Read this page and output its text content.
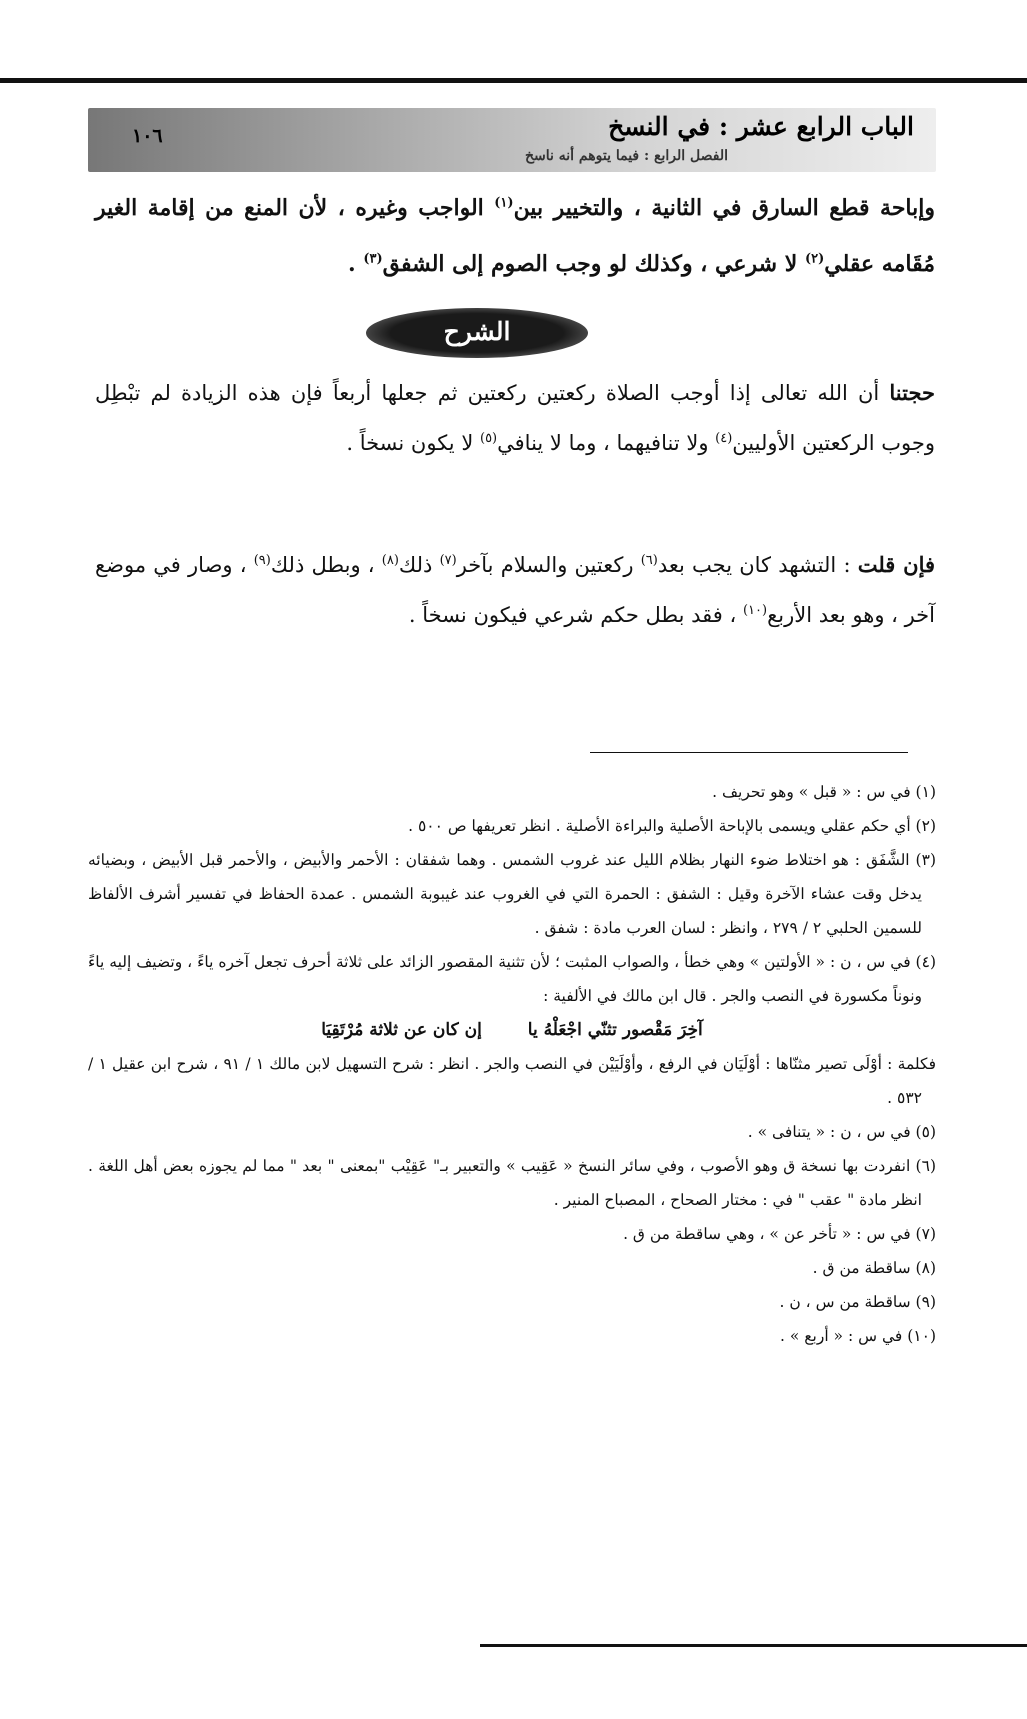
الباب الرابع عشر : في النسخ
الفصل الرابع : فيما يتوهم أنه ناسخ
١٠٦
وإباحة قطع السارق في الثانية ، والتخيير بين$^{(١)}$ الواجب وغيره ، لأن المنع من إقامة الغير مُقَامه عقلي$^{(٢)}$ لا شرعي ، وكذلك لو وجب الصوم إلى الشفق$^{(٣)}$ .
الشرح
حجتنا أن الله تعالى إذا أوجب الصلاة ركعتين ركعتين ثم جعلها أربعاً فإن هذه الزيادة لم تبْطِل وجوب الركعتين الأوليين$^{(٤)}$ ولا تنافيهما ، وما لا ينافي$^{(٥)}$ لا يكون نسخاً .
فإن قلت : التشهد كان يجب بعد$^{(٦)}$ ركعتين والسلام بآخر$^{(٧)}$ ذلك$^{(٨)}$ ، وبطل ذلك$^{(٩)}$ ، وصار في موضع آخر ، وهو بعد الأربع$^{(١٠)}$ ، فقد بطل حكم شرعي فيكون نسخاً .

(١) في س : « قبل » وهو تحريف .

(٢) أي حكم عقلي ويسمى بالإباحة الأصلية والبراءة الأصلية . انظر تعريفها ص ٥٠٠ .

(٣) الشَّفَق : هو اختلاط ضوء النهار بظلام الليل عند غروب الشمس . وهما شفقان : الأحمر والأبيض ، والأحمر قبل الأبيض ، وبضيائه يدخل وقت عشاء الآخرة وقيل : الشفق : الحمرة التي في الغروب عند غيبوبة الشمس . عمدة الحفاظ في تفسير أشرف الألفاظ للسمين الحلبي ٢ / ٢٧٩ ، وانظر : لسان العرب مادة : شفق .

(٤) في س ، ن : « الأولتين » وهي خطأ ، والصواب المثبت ؛ لأن تثنية المقصور الزائد على ثلاثة أحرف تجعل آخره ياءً ، وتضيف إليه ياءً ونوناً مكسورة في النصب والجر . قال ابن مالك في الألفية :

آخِرَ مَقْصور تثنّي اجْعَلْهُ يا
إن كان عن ثلاثة مُرْتَقِيَا

فكلمة : أوْلَى تصير مثنّاها : أوْلَيَان في الرفع ، وأوْلَيَيْن في النصب والجر . انظر : شرح التسهيل لابن مالك ١ / ٩١ ، شرح ابن عقيل ١ / ٥٣٢ .

(٥) في س ، ن : « يتنافى » .

(٦) انفردت بها نسخة ق وهو الأصوب ، وفي سائر النسخ « عَقِيب » والتعبير بـ" عَقِيْب "بمعنى " بعد " مما لم يجوزه بعض أهل اللغة . انظر مادة " عقب " في : مختار الصحاح ، المصباح المنير .

(٧) في س : « تأخر عن » ، وهي ساقطة من ق .

(٨) ساقطة من ق .

(٩) ساقطة من س ، ن .

(١٠) في س : « أربع » .
